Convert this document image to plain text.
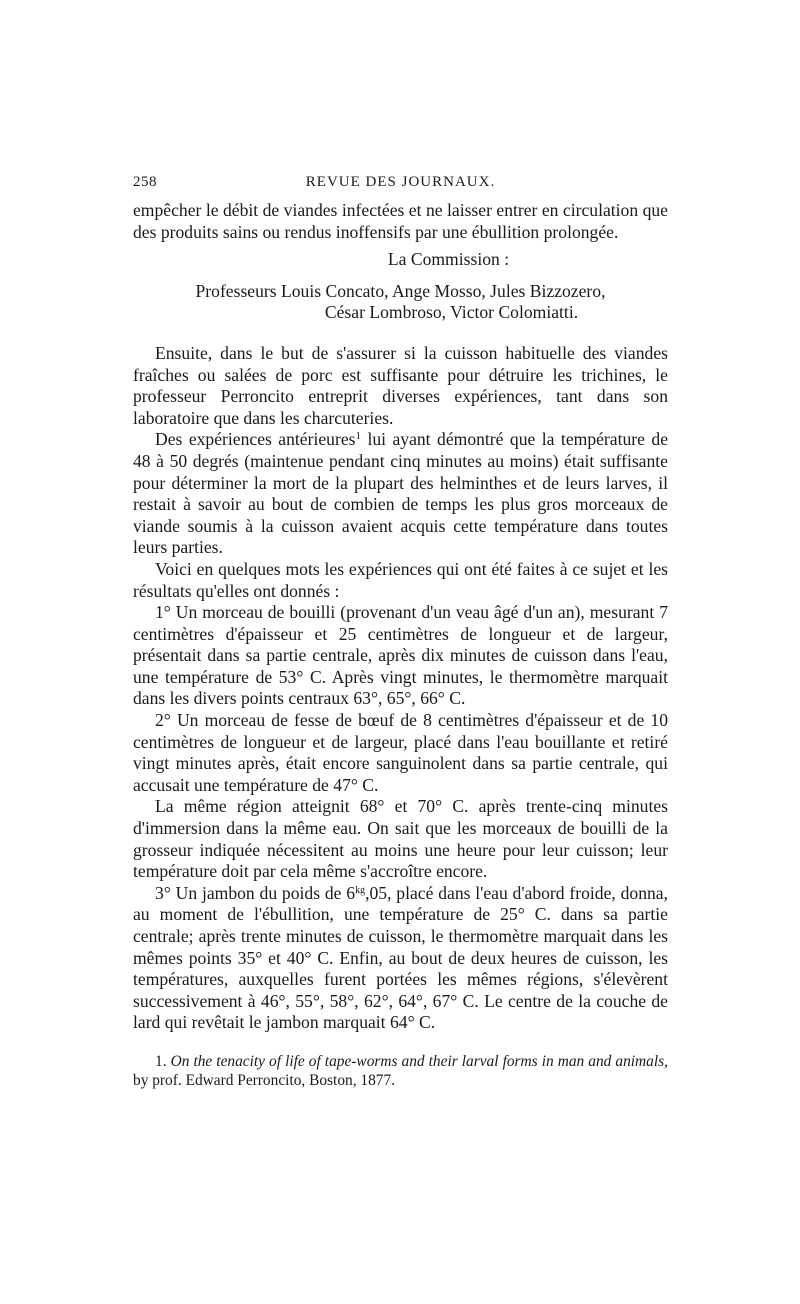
258	REVUE DES JOURNAUX.

empêcher le débit de viandes infectées et ne laisser entrer en circulation que des produits sains ou rendus inoffensifs par une ébullition prolongée.

La Commission :

Professeurs Louis Concato, Ange Mosso, Jules Bizzozero,
César Lombroso, Victor Colomiatti.

Ensuite, dans le but de s'assurer si la cuisson habituelle des viandes fraîches ou salées de porc est suffisante pour détruire les trichines, le professeur Perroncito entreprit diverses expériences, tant dans son laboratoire que dans les charcuteries.

Des expériences antérieures$^1$ lui ayant démontré que la température de 48 à 50 degrés (maintenue pendant cinq minutes au moins) était suffisante pour déterminer la mort de la plupart des helminthes et de leurs larves, il restait à savoir au bout de combien de temps les plus gros morceaux de viande soumis à la cuisson avaient acquis cette température dans toutes leurs parties.

Voici en quelques mots les expériences qui ont été faites à ce sujet et les résultats qu'elles ont donnés :

1° Un morceau de bouilli (provenant d'un veau âgé d'un an), mesurant 7 centimètres d'épaisseur et 25 centimètres de longueur et de largeur, présentait dans sa partie centrale, après dix minutes de cuisson dans l'eau, une température de 53° C. Après vingt minutes, le thermomètre marquait dans les divers points centraux 63°, 65°, 66° C.

2° Un morceau de fesse de bœuf de 8 centimètres d'épaisseur et de 10 centimètres de longueur et de largeur, placé dans l'eau bouillante et retiré vingt minutes après, était encore sanguinolent dans sa partie centrale, qui accusait une température de 47° C.

La même région atteignit 68° et 70° C. après trente-cinq minutes d'immersion dans la même eau. On sait que les morceaux de bouilli de la grosseur indiquée nécessitent au moins une heure pour leur cuisson; leur température doit par cela même s'accroître encore.

3° Un jambon du poids de $6^{kg},05$, placé dans l'eau d'abord froide, donna, au moment de l'ébullition, une température de 25° C. dans sa partie centrale; après trente minutes de cuisson, le thermomètre marquait dans les mêmes points 35° et 40° C. Enfin, au bout de deux heures de cuisson, les températures, auxquelles furent portées les mêmes régions, s'élevèrent successivement à 46°, 55°, 58°, 62°, 64°, 67° C. Le centre de la couche de lard qui revêtait le jambon marquait 64° C.

1. On the tenacity of life of tape-worms and their larval forms in man and animals, by prof. Edward Perroncito, Boston, 1877.
